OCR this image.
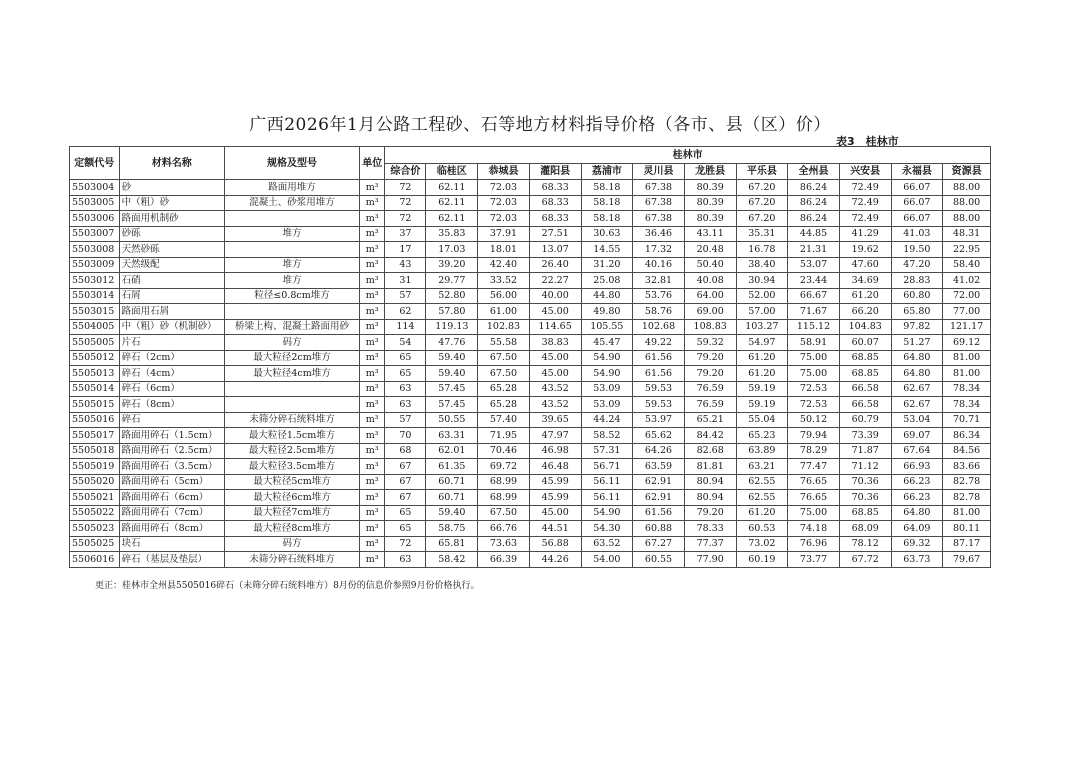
广西2026年1月公路工程砂、石等地方材料指导价格（各市、县（区）价）
表3　桂林市
定额代号	材料名称	规格及型号	单位	桂林市											
				综合价	临桂区	恭城县	灌阳县	荔浦市	灵川县	龙胜县	平乐县	全州县	兴安县	永福县	资源县
5503004	砂	路面用堆方	m³	72	62.11	72.03	68.33	58.18	67.38	80.39	67.20	86.24	72.49	66.07	88.00
5503005	中（粗）砂	混凝土、砂浆用堆方	m³	72	62.11	72.03	68.33	58.18	67.38	80.39	67.20	86.24	72.49	66.07	88.00
5503006	路面用机制砂		m³	72	62.11	72.03	68.33	58.18	67.38	80.39	67.20	86.24	72.49	66.07	88.00
5503007	砂砾	堆方	m³	37	35.83	37.91	27.51	30.63	36.46	43.11	35.31	44.85	41.29	41.03	48.31
5503008	天然砂砾		m³	17	17.03	18.01	13.07	14.55	17.32	20.48	16.78	21.31	19.62	19.50	22.95
5503009	天然级配	堆方	m³	43	39.20	42.40	26.40	31.20	40.16	50.40	38.40	53.07	47.60	47.20	58.40
5503012	石硝	堆方	m³	31	29.77	33.52	22.27	25.08	32.81	40.08	30.94	23.44	34.69	28.83	41.02
5503014	石屑	粒径≤0.8cm堆方	m³	57	52.80	56.00	40.00	44.80	53.76	64.00	52.00	66.67	61.20	60.80	72.00
5503015	路面用石屑		m³	62	57.80	61.00	45.00	49.80	58.76	69.00	57.00	71.67	66.20	65.80	77.00
5504005	中（粗）砂（机制砂）	桥梁上构、混凝土路面用砂	m³	114	119.13	102.83	114.65	105.55	102.68	108.83	103.27	115.12	104.83	97.82	121.17
5505005	片石	码方	m³	54	47.76	55.58	38.83	45.47	49.22	59.32	54.97	58.91	60.07	51.27	69.12
5505012	碎石（2cm）	最大粒径2cm堆方	m³	65	59.40	67.50	45.00	54.90	61.56	79.20	61.20	75.00	68.85	64.80	81.00
5505013	碎石（4cm）	最大粒径4cm堆方	m³	65	59.40	67.50	45.00	54.90	61.56	79.20	61.20	75.00	68.85	64.80	81.00
5505014	碎石（6cm）		m³	63	57.45	65.28	43.52	53.09	59.53	76.59	59.19	72.53	66.58	62.67	78.34
5505015	碎石（8cm）		m³	63	57.45	65.28	43.52	53.09	59.53	76.59	59.19	72.53	66.58	62.67	78.34
5505016	碎石	未筛分碎石统料堆方	m³	57	50.55	57.40	39.65	44.24	53.97	65.21	55.04	50.12	60.79	53.04	70.71
5505017	路面用碎石（1.5cm）	最大粒径1.5cm堆方	m³	70	63.31	71.95	47.97	58.52	65.62	84.42	65.23	79.94	73.39	69.07	86.34
5505018	路面用碎石（2.5cm）	最大粒径2.5cm堆方	m³	68	62.01	70.46	46.98	57.31	64.26	82.68	63.89	78.29	71.87	67.64	84.56
5505019	路面用碎石（3.5cm）	最大粒径3.5cm堆方	m³	67	61.35	69.72	46.48	56.71	63.59	81.81	63.21	77.47	71.12	66.93	83.66
5505020	路面用碎石（5cm）	最大粒径5cm堆方	m³	67	60.71	68.99	45.99	56.11	62.91	80.94	62.55	76.65	70.36	66.23	82.78
5505021	路面用碎石（6cm）	最大粒径6cm堆方	m³	67	60.71	68.99	45.99	56.11	62.91	80.94	62.55	76.65	70.36	66.23	82.78
5505022	路面用碎石（7cm）	最大粒径7cm堆方	m³	65	59.40	67.50	45.00	54.90	61.56	79.20	61.20	75.00	68.85	64.80	81.00
5505023	路面用碎石（8cm）	最大粒径8cm堆方	m³	65	58.75	66.76	44.51	54.30	60.88	78.33	60.53	74.18	68.09	64.09	80.11
5505025	块石	码方	m³	72	65.81	73.63	56.88	63.52	67.27	77.37	73.02	76.96	78.12	69.32	87.17
5506016	碎石（基层及垫层）	未筛分碎石统料堆方	m³	63	58.42	66.39	44.26	54.00	60.55	77.90	60.19	73.77	67.72	63.73	79.67
更正：桂林市全州县5505016碎石（未筛分碎石统料堆方）8月份的信息价参照9月份价格执行。
